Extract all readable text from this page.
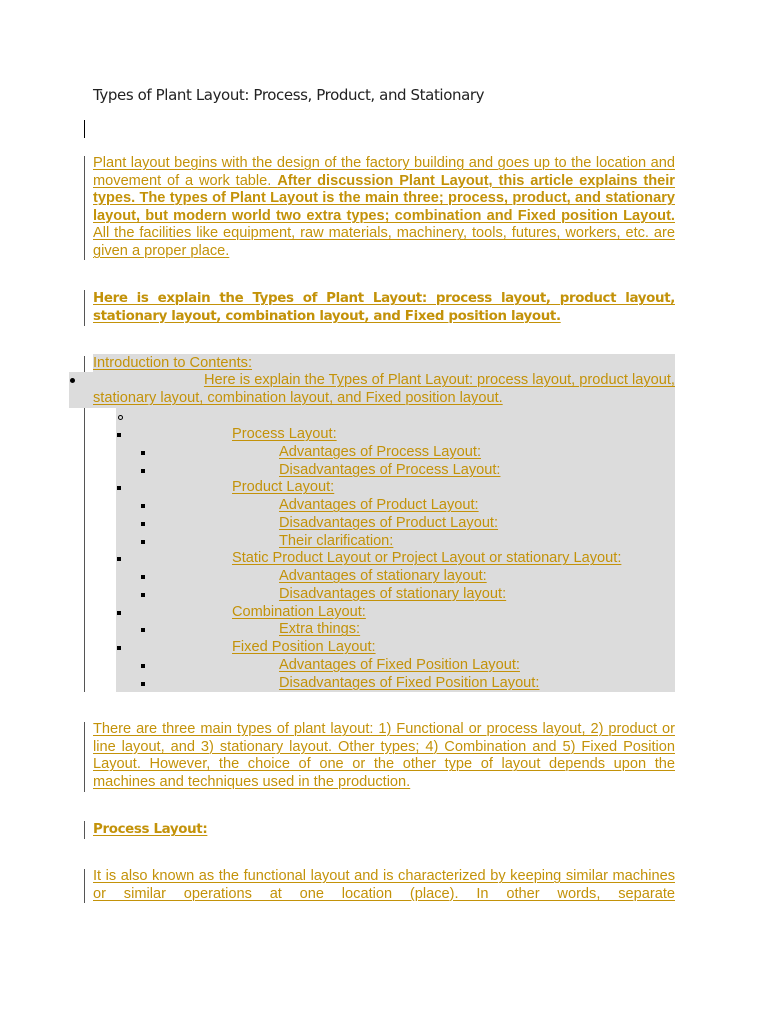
Types of Plant Layout: Process, Product, and Stationary

Plant layout begins with the design of the factory building and goes up to the location and movement of a work table. After discussion Plant Layout, this article explains their types. The types of Plant Layout is the main three; process, product, and stationary layout, but modern world two extra types; combination and Fixed position Layout. All the facilities like equipment, raw materials, machinery, tools, futures, workers, etc. are given a proper place.

Here is explain the Types of Plant Layout: process layout, product layout, stationary layout, combination layout, and Fixed position layout.

Introduction to Contents:
Here is explain the Types of Plant Layout: process layout, product layout,
stationary layout, combination layout, and Fixed position layout.
Process Layout:
Advantages of Process Layout:
Disadvantages of Process Layout:
Product Layout:
Advantages of Product Layout:
Disadvantages of Product Layout:
Their clarification:
Static Product Layout or Project Layout or stationary Layout:
Advantages of stationary layout:
Disadvantages of stationary layout:
Combination Layout:
Extra things:
Fixed Position Layout:
Advantages of Fixed Position Layout:
Disadvantages of Fixed Position Layout:

There are three main types of plant layout: 1) Functional or process layout, 2) product or line layout, and 3) stationary layout. Other types; 4) Combination and 5) Fixed Position Layout. However, the choice of one or the other type of layout depends upon the machines and techniques used in the production.

Process Layout:

It is also known as the functional layout and is characterized by keeping similar machines or similar operations at one location (place). In other words, separate
